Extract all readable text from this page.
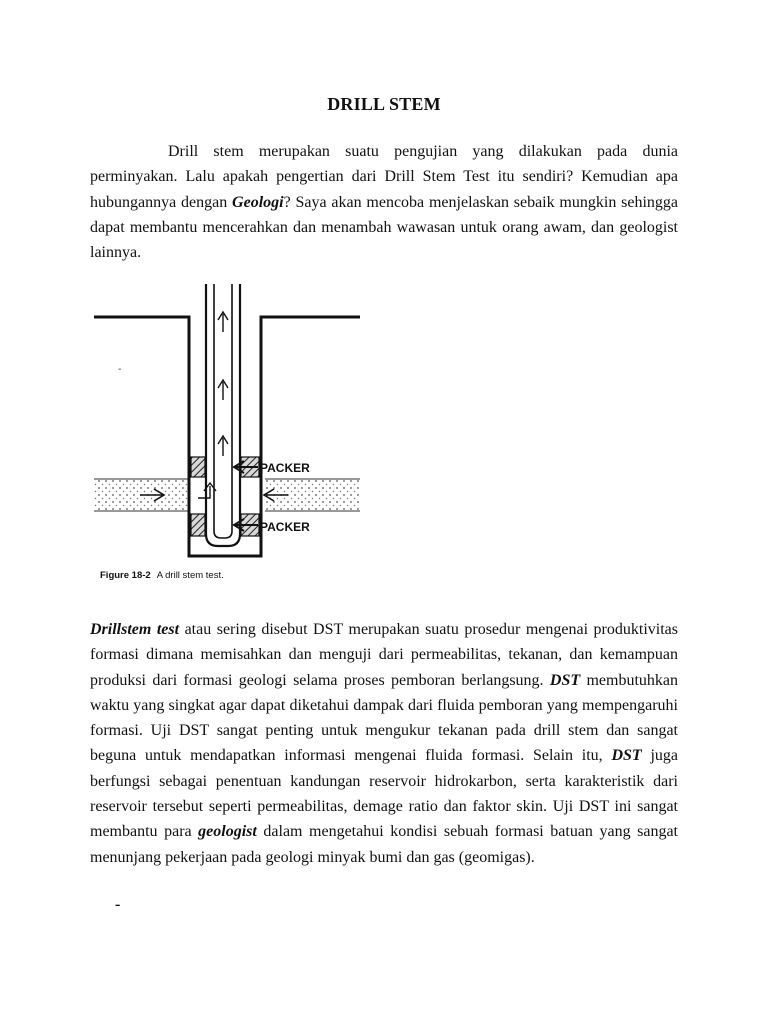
DRILL STEM
Drill stem merupakan suatu pengujian yang dilakukan pada dunia perminyakan. Lalu apakah pengertian dari Drill Stem Test itu sendiri? Kemudian apa hubungannya dengan Geologi? Saya akan mencoba menjelaskan sebaik mungkin sehingga dapat membantu mencerahkan dan menambah wawasan untuk orang awam, dan geologist lainnya.
PACKER
PACKER
-
Figure 18-2 A drill stem test.
Drillstem test atau sering disebut DST merupakan suatu prosedur mengenai produktivitas formasi dimana memisahkan dan menguji dari permeabilitas, tekanan, dan kemampuan produksi dari formasi geologi selama proses pemboran berlangsung. DST membutuhkan waktu yang singkat agar dapat diketahui dampak dari fluida pemboran yang mempengaruhi formasi. Uji DST sangat penting untuk mengukur tekanan pada drill stem dan sangat beguna untuk mendapatkan informasi mengenai fluida formasi. Selain itu, DST juga berfungsi sebagai penentuan kandungan reservoir hidrokarbon, serta karakteristik dari reservoir tersebut seperti permeabilitas, demage ratio dan faktor skin. Uji DST ini sangat membantu para geologist dalam mengetahui kondisi sebuah formasi batuan yang sangat menunjang pekerjaan pada geologi minyak bumi dan gas (geomigas).
-
